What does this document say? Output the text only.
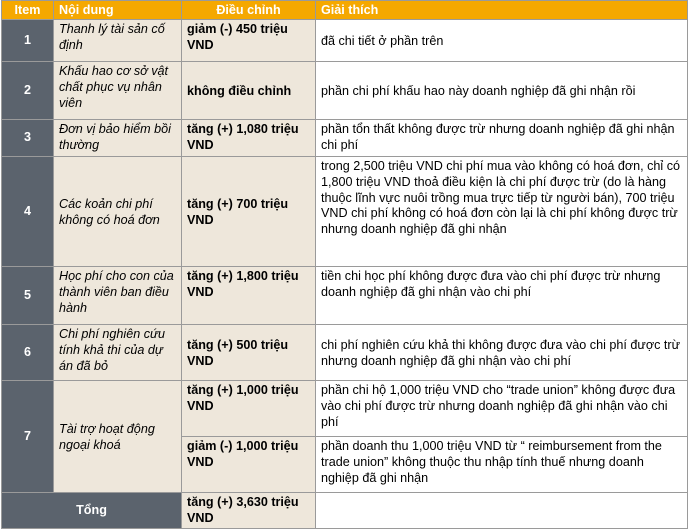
Item	Nội dung	Điều chỉnh	Giải thích
1	Thanh lý tài sản cố định	giảm (-) 450 triệu VND	đã chi tiết ở phần trên
2	Khấu hao cơ sở vật chất phục vụ nhân viên	không điều chỉnh	phần chi phí khấu hao này doanh nghiệp đã ghi nhận rồi
3	Đơn vị bảo hiểm bồi thường	tăng (+) 1,080 triệu VND	phần tổn thất không được trừ nhưng doanh nghiệp đã ghi nhận chi phí
4	Các koản chi phí không có hoá đơn	tăng (+) 700 triệu VND	trong 2,500 triệu VND chi phí mua vào không có hoá đơn, chỉ có 1,800 triệu VND thoả điều kiện là chi phí được trừ (do là hàng thuộc lĩnh vực nuôi trồng mua trực tiếp từ người bán), 700 triệu VND chi phí không có hoá đơn còn lại là chi phí không được trừ nhưng doanh nghiệp đã ghi nhận
5	Học phí cho con của thành viên ban điều hành	tăng (+) 1,800 triệu VND	tiền chi học phí không được đưa vào chi phí được trừ nhưng doanh nghiệp đã ghi nhận vào chi phí
6	Chi phí nghiên cứu tính khả thi của dự án đã bỏ	tăng (+) 500 triệu VND	chi phí nghiên cứu khả thi không được đưa vào chi phí được trừ nhưng doanh nghiệp đã ghi nhận vào chi phí
7	Tài trợ hoạt động ngoại khoá	tăng (+) 1,000 triệu VND	phần chi hộ 1,000 triệu VND cho “trade union” không được đưa vào chi phí được trừ nhưng doanh nghiệp đã ghi nhận vào chi phí
		giảm (-) 1,000 triệu VND	phần doanh thu 1,000 triệu VND từ “ reimbursement from the trade union” không thuộc thu nhập tính thuế nhưng doanh nghiệp đã ghi nhận
Tổng		tăng (+) 3,630 triệu VND	
